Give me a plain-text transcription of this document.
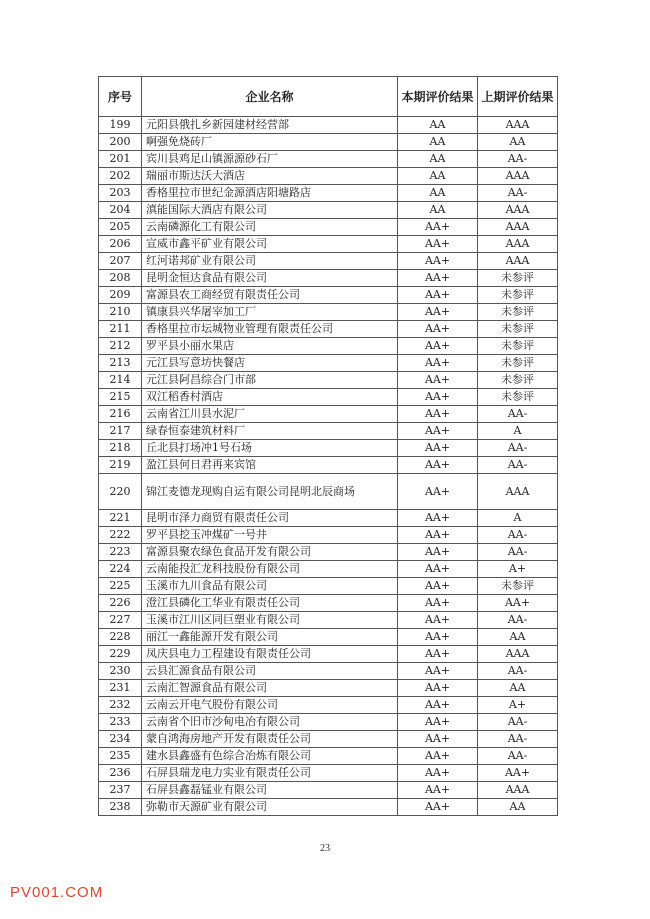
序号	企业名称	本期评价结果	上期评价结果
199	元阳县俄扎乡新园建材经营部	AA	AAA
200	啊强免烧砖厂	AA	AA
201	宾川县鸡足山镇源源砂石厂	AA	AA-
202	瑞丽市斯达沃大酒店	AA	AAA
203	香格里拉市世纪金源酒店阳塘路店	AA	AA-
204	滇能国际大酒店有限公司	AA	AAA
205	云南磷源化工有限公司	AA+	AAA
206	宣威市鑫平矿业有限公司	AA+	AAA
207	红河诺邦矿业有限公司	AA+	AAA
208	昆明金恒达食品有限公司	AA+	未参评
209	富源县农工商经贸有限责任公司	AA+	未参评
210	镇康县兴华屠宰加工厂	AA+	未参评
211	香格里拉市坛城物业管理有限责任公司	AA+	未参评
212	罗平县小丽水果店	AA+	未参评
213	元江县写意坊快餐店	AA+	未参评
214	元江县阿昌综合门市部	AA+	未参评
215	双江稻香村酒店	AA+	未参评
216	云南省江川县水泥厂	AA+	AA-
217	绿春恒泰建筑材料厂	AA+	A
218	丘北县打场冲1号石场	AA+	AA-
219	盈江县何日君再来宾馆	AA+	AA-
220	锦江麦德龙现购自运有限公司昆明北辰商场	AA+	AAA
221	昆明市泽力商贸有限责任公司	AA+	A
222	罗平县挖玉冲煤矿一号井	AA+	AA-
223	富源县聚农绿色食品开发有限公司	AA+	AA-
224	云南能投汇龙科技股份有限公司	AA+	A+
225	玉溪市九川食品有限公司	AA+	未参评
226	澄江县磷化工华业有限责任公司	AA+	AA+
227	玉溪市江川区同巨塑业有限公司	AA+	AA-
228	丽江一鑫能源开发有限公司	AA+	AA
229	凤庆县电力工程建设有限责任公司	AA+	AAA
230	云县汇源食品有限公司	AA+	AA-
231	云南汇智源食品有限公司	AA+	AA
232	云南云开电气股份有限公司	AA+	A+
233	云南省个旧市沙甸电冶有限公司	AA+	AA-
234	蒙自鸿海房地产开发有限责任公司	AA+	AA-
235	建水县鑫盛有色综合冶炼有限公司	AA+	AA-
236	石屏县瑞龙电力实业有限责任公司	AA+	AA+
237	石屏县鑫磊锰业有限公司	AA+	AAA
238	弥勒市天源矿业有限公司	AA+	AA
23
PV001.COM
